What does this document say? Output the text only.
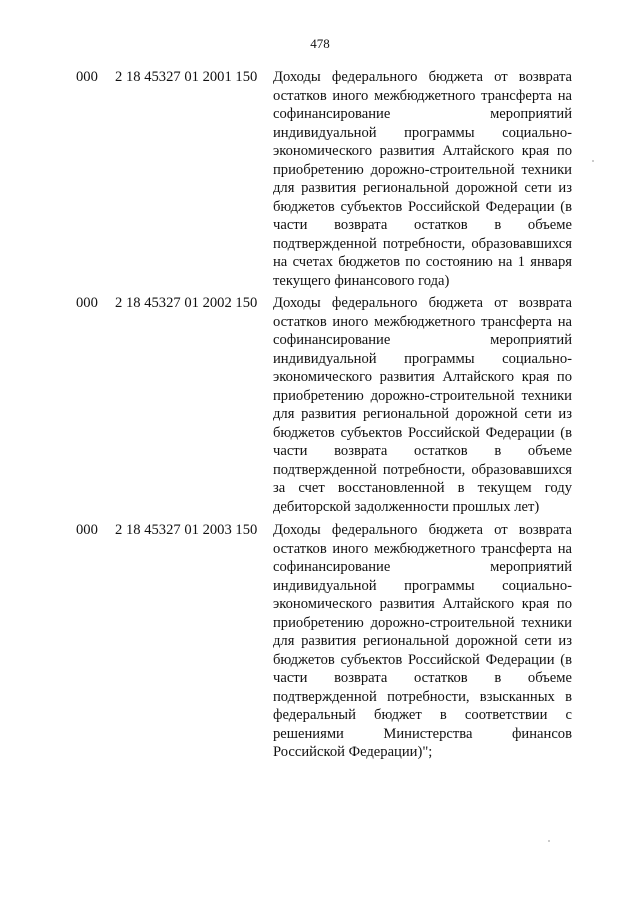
478
000 2 18 45327 01 2001 150 Доходы федерального бюджета от возврата остатков иного межбюджетного трансферта на софинансирование мероприятий индивидуальной программы социально-экономического развития Алтайского края по приобретению дорожно-строительной техники для развития региональной дорожной сети из бюджетов субъектов Российской Федерации (в части возврата остатков в объеме подтвержденной потребности, образовавшихся на счетах бюджетов по состоянию на 1 января текущего финансового года)
000 2 18 45327 01 2002 150 Доходы федерального бюджета от возврата остатков иного межбюджетного трансферта на софинансирование мероприятий индивидуальной программы социально-экономического развития Алтайского края по приобретению дорожно-строительной техники для развития региональной дорожной сети из бюджетов субъектов Российской Федерации (в части возврата остатков в объеме подтвержденной потребности, образовавшихся за счет восстановленной в текущем году дебиторской задолженности прошлых лет)
000 2 18 45327 01 2003 150 Доходы федерального бюджета от возврата остатков иного межбюджетного трансферта на софинансирование мероприятий индивидуальной программы социально-экономического развития Алтайского края по приобретению дорожно-строительной техники для развития региональной дорожной сети из бюджетов субъектов Российской Федерации (в части возврата остатков в объеме подтвержденной потребности, взысканных в федеральный бюджет в соответствии с решениями Министерства финансов Российской Федерации)";
